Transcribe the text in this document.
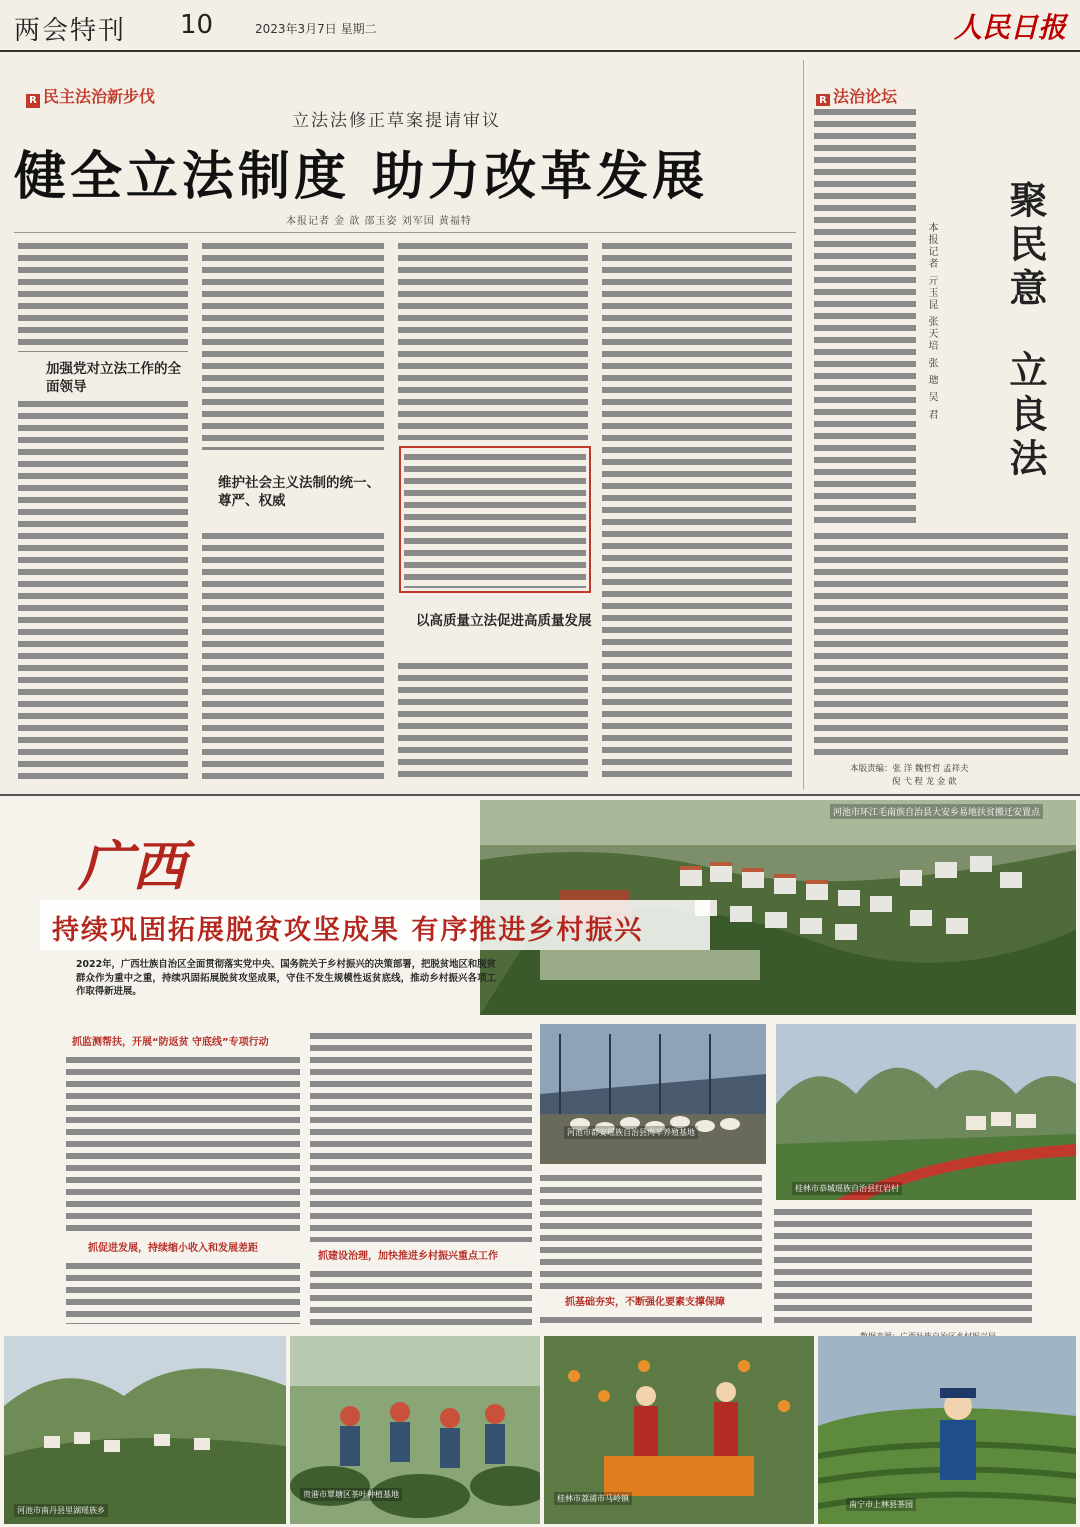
两会特刊 10	2023年3月7日 星期二	人民日报
R 民主法治新步伐
立法法修正草案提请审议
健全立法制度 助力改革发展
本报记者 金 歆 邵玉姿 刘军国 黄福特
加强党对立法工作的全面领导
维护社会主义法制的统一、尊严、权威
以高质量立法促进高质量发展
R 法治论坛
聚民意
立良法
本报记者 亓玉昆 张天培 张 璁 吴 君
本版责编：张 洋 魏哲哲 孟祥夫
倪 弋 程 龙 金 歆
河池市环江毛南族自治县大安乡易地扶贫搬迁安置点
广西
持续巩固拓展脱贫攻坚成果 有序推进乡村振兴
2022年，广西壮族自治区全面贯彻落实党中央、国务院关于乡村振兴的决策部署，把脱贫地区和脱贫群众作为重中之重，持续巩固拓展脱贫攻坚成果，守住不发生规模性返贫底线，推动乡村振兴各项工作取得新进展。
抓监测帮扶，开展“防返贫 守底线”专项行动
抓促进发展，持续缩小收入和发展差距
抓建设治理，加快推进乡村振兴重点工作
抓基础夯实，不断强化要素支撑保障
河池市都安瑶族自治县肉羊养殖基地
桂林市恭城瑶族自治县红岩村
河池市南丹县里湖瑶族乡
贵港市覃塘区茶叶种植基地	桂林市荔浦市马岭镇
南宁市上林县茶园
